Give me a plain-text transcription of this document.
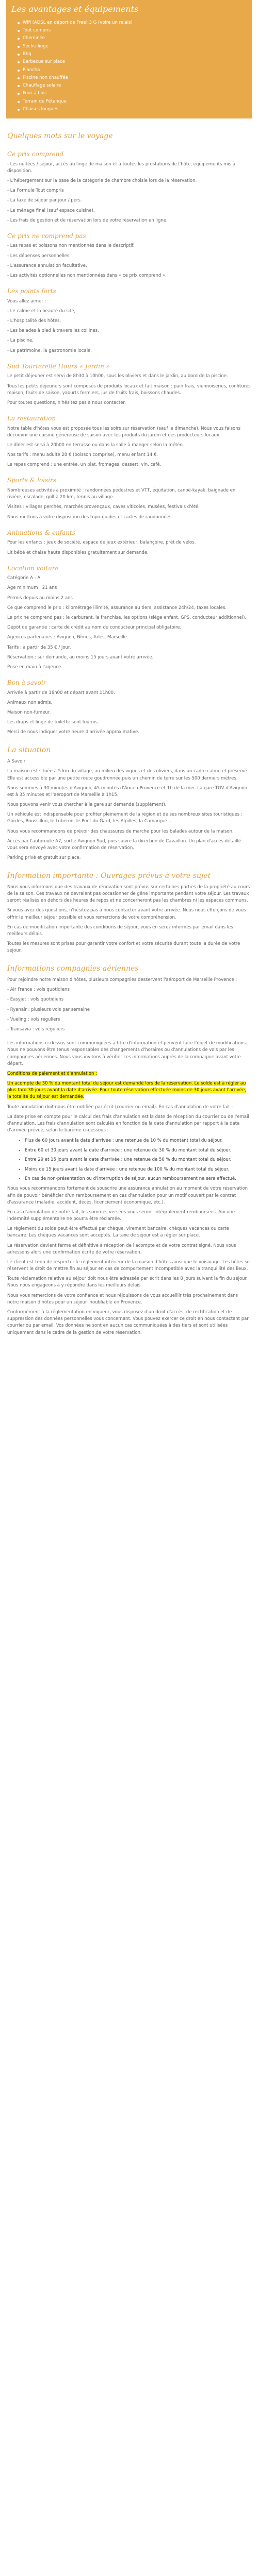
Les avantages et équipements
Wifi (ADSL en déport de Free) 3 G (voire un relais)
Tout compris
Cheminée
Sèche-linge
Bbq
Barbecue sur place
Plancha
Piscine non chauffée
Chauffage solaire
Four à bois
Terrain de Pétanque
Chaises longues
Quelques mots sur le voyage
Ce prix comprend

- Les nuitées / séjour, accès au linge de maison et à toutes les prestations de l'hôte, équipements mis à disposition.

- L'hébergement sur la base de la catégorie de chambre choisie lors de la réservation.

- La Formule Tout compris

- La taxe de séjour par jour / pers.

- Le ménage final (sauf espace cuisine).

- Les frais de gestion et de réservation lors de votre réservation en ligne.

Ce prix ne comprend pas

- Les repas et boissons non mentionnés dans le descriptif.

- Les dépenses personnelles.

- L'assurance annulation facultative.

- Les activités optionnelles non mentionnées dans « ce prix comprend ».

Les points forts

Vous allez aimer :

- Le calme et la beauté du site,

- L'hospitalité des hôtes,

- Les balades à pied à travers les collines,

- La piscine,

- Le patrimoine, la gastronomie locale.

Sud Tourterelle Hours « Jardin »

Le petit déjeuner est servi de 8h30 à 10h00, sous les oliviers et dans le jardin, au bord de la piscine.

Tous les petits déjeuners sont composés de produits locaux et fait maison : pain frais, viennoiseries, confitures maison, fruits de saison, yaourts fermiers, jus de fruits frais, boissons chaudes.

Pour toutes questions, n'hésitez pas à nous contacter.

La restauration

Notre table d'hôtes vous est proposée tous les soirs sur réservation (sauf le dimanche). Nous vous faisons découvrir une cuisine généreuse de saison avec les produits du jardin et des producteurs locaux.

Le dîner est servi à 20h00 en terrasse ou dans la salle à manger selon la météo.

Nos tarifs : menu adulte 28 € (boisson comprise), menu enfant 14 €.

Le repas comprend : une entrée, un plat, fromages, dessert, vin, café.

Sports & loisirs

Nombreuses activités à proximité : randonnées pédestres et VTT, équitation, canoë-kayak, baignade en rivière, escalade, golf à 20 km, tennis au village.

Visites : villages perchés, marchés provençaux, caves viticoles, musées, festivals d'été.

Nous mettons à votre disposition des topo-guides et cartes de randonnées.

Animations & enfants

Pour les enfants : jeux de société, espace de jeux extérieur, balançoire, prêt de vélos.

Lit bébé et chaise haute disponibles gratuitement sur demande.

Location voiture

Catégorie A - A

Age minimum : 21 ans

Permis depuis au moins 2 ans

Ce que comprend le prix : kilométrage illimité, assurance au tiers, assistance 24h/24, taxes locales.

Le prix ne comprend pas : le carburant, la franchise, les options (siège enfant, GPS, conducteur additionnel).

Dépôt de garantie : carte de crédit au nom du conducteur principal obligatoire.

Agences partenaires : Avignon, Nîmes, Arles, Marseille.

Tarifs : à partir de 35 € / jour.

Réservation : sur demande, au moins 15 jours avant votre arrivée.

Prise en main à l'agence.

Bon à savoir

Arrivée à partir de 16h00 et départ avant 11h00.

Animaux non admis.

Maison non-fumeur.

Les draps et linge de toilette sont fournis.

Merci de nous indiquer votre heure d'arrivée approximative.

La situation

A Savoir

La maison est située à 5 km du village, au milieu des vignes et des oliviers, dans un cadre calme et préservé. Elle est accessible par une petite route goudronnée puis un chemin de terre sur les 500 derniers mètres.

Nous sommes à 30 minutes d'Avignon, 45 minutes d'Aix-en-Provence et 1h de la mer. La gare TGV d'Avignon est à 35 minutes et l'aéroport de Marseille à 1h15.

Nous pouvons venir vous chercher à la gare sur demande (supplément).

Un véhicule est indispensable pour profiter pleinement de la région et de ses nombreux sites touristiques : Gordes, Roussillon, le Luberon, le Pont du Gard, les Alpilles, la Camargue...

Nous vous recommandons de prévoir des chaussures de marche pour les balades autour de la maison.

Accès par l'autoroute A7, sortie Avignon Sud, puis suivre la direction de Cavaillon. Un plan d'accès détaillé vous sera envoyé avec votre confirmation de réservation.

Parking privé et gratuit sur place.

Information importante : Ouvrages prévus à votre sujet

Nous vous informons que des travaux de rénovation sont prévus sur certaines parties de la propriété au cours de la saison. Ces travaux ne devraient pas occasionner de gêne importante pendant votre séjour. Les travaux seront réalisés en dehors des heures de repos et ne concerneront pas les chambres ni les espaces communs.

Si vous avez des questions, n'hésitez pas à nous contacter avant votre arrivée. Nous nous efforçons de vous offrir le meilleur séjour possible et vous remercions de votre compréhension.

En cas de modification importante des conditions de séjour, vous en serez informés par email dans les meilleurs délais.

Toutes les mesures sont prises pour garantir votre confort et votre sécurité durant toute la durée de votre séjour.

Informations compagnies aériennes

Pour rejoindre notre maison d'hôtes, plusieurs compagnies desservent l'aéroport de Marseille Provence :

- Air France : vols quotidiens

- Easyjet : vols quotidiens

- Ryanair : plusieurs vols par semaine

- Vueling : vols réguliers

- Transavia : vols réguliers

Les informations ci-dessus sont communiquées à titre d'information et peuvent faire l'objet de modifications. Nous ne pouvons être tenus responsables des changements d'horaires ou d'annulations de vols par les compagnies aériennes. Nous vous invitons à vérifier ces informations auprès de la compagnie avant votre départ.

Conditions de paiement et d'annulation :

Un acompte de 30 % du montant total du séjour est demandé lors de la réservation. Le solde est à régler au plus tard 30 jours avant la date d'arrivée. Pour toute réservation effectuée moins de 30 jours avant l'arrivée, la totalité du séjour est demandée.

Toute annulation doit nous être notifiée par écrit (courrier ou email). En cas d'annulation de votre fait :

La date prise en compte pour le calcul des frais d'annulation est la date de réception du courrier ou de l'email d'annulation. Les frais d'annulation sont calculés en fonction de la date d'annulation par rapport à la date d'arrivée prévue, selon le barème ci-dessous :

• Plus de 60 jours avant la date d'arrivée : une retenue de 10 % du montant total du séjour.
• Entre 60 et 30 jours avant la date d'arrivée : une retenue de 30 % du montant total du séjour.
• Entre 29 et 15 jours avant la date d'arrivée : une retenue de 50 % du montant total du séjour.
• Moins de 15 jours avant la date d'arrivée : une retenue de 100 % du montant total du séjour.
• En cas de non-présentation ou d'interruption de séjour, aucun remboursement ne sera effectué.

Nous vous recommandons fortement de souscrire une assurance annulation au moment de votre réservation afin de pouvoir bénéficier d'un remboursement en cas d'annulation pour un motif couvert par le contrat d'assurance (maladie, accident, décès, licenciement économique, etc.).

En cas d'annulation de notre fait, les sommes versées vous seront intégralement remboursées. Aucune indemnité supplémentaire ne pourra être réclamée.

Le règlement du solde peut être effectué par chèque, virement bancaire, chèques vacances ou carte bancaire. Les chèques vacances sont acceptés. La taxe de séjour est à régler sur place.

La réservation devient ferme et définitive à réception de l'acompte et de votre contrat signé. Nous vous adressons alors une confirmation écrite de votre réservation.

Le client est tenu de respecter le règlement intérieur de la maison d'hôtes ainsi que le voisinage. Les hôtes se réservent le droit de mettre fin au séjour en cas de comportement incompatible avec la tranquillité des lieux.

Toute réclamation relative au séjour doit nous être adressée par écrit dans les 8 jours suivant la fin du séjour. Nous nous engageons à y répondre dans les meilleurs délais.

Nous vous remercions de votre confiance et nous réjouissons de vous accueillir très prochainement dans notre maison d'hôtes pour un séjour inoubliable en Provence.

Conformément à la réglementation en vigueur, vous disposez d'un droit d'accès, de rectification et de suppression des données personnelles vous concernant. Vous pouvez exercer ce droit en nous contactant par courrier ou par email. Vos données ne sont en aucun cas communiquées à des tiers et sont utilisées uniquement dans le cadre de la gestion de votre réservation.
